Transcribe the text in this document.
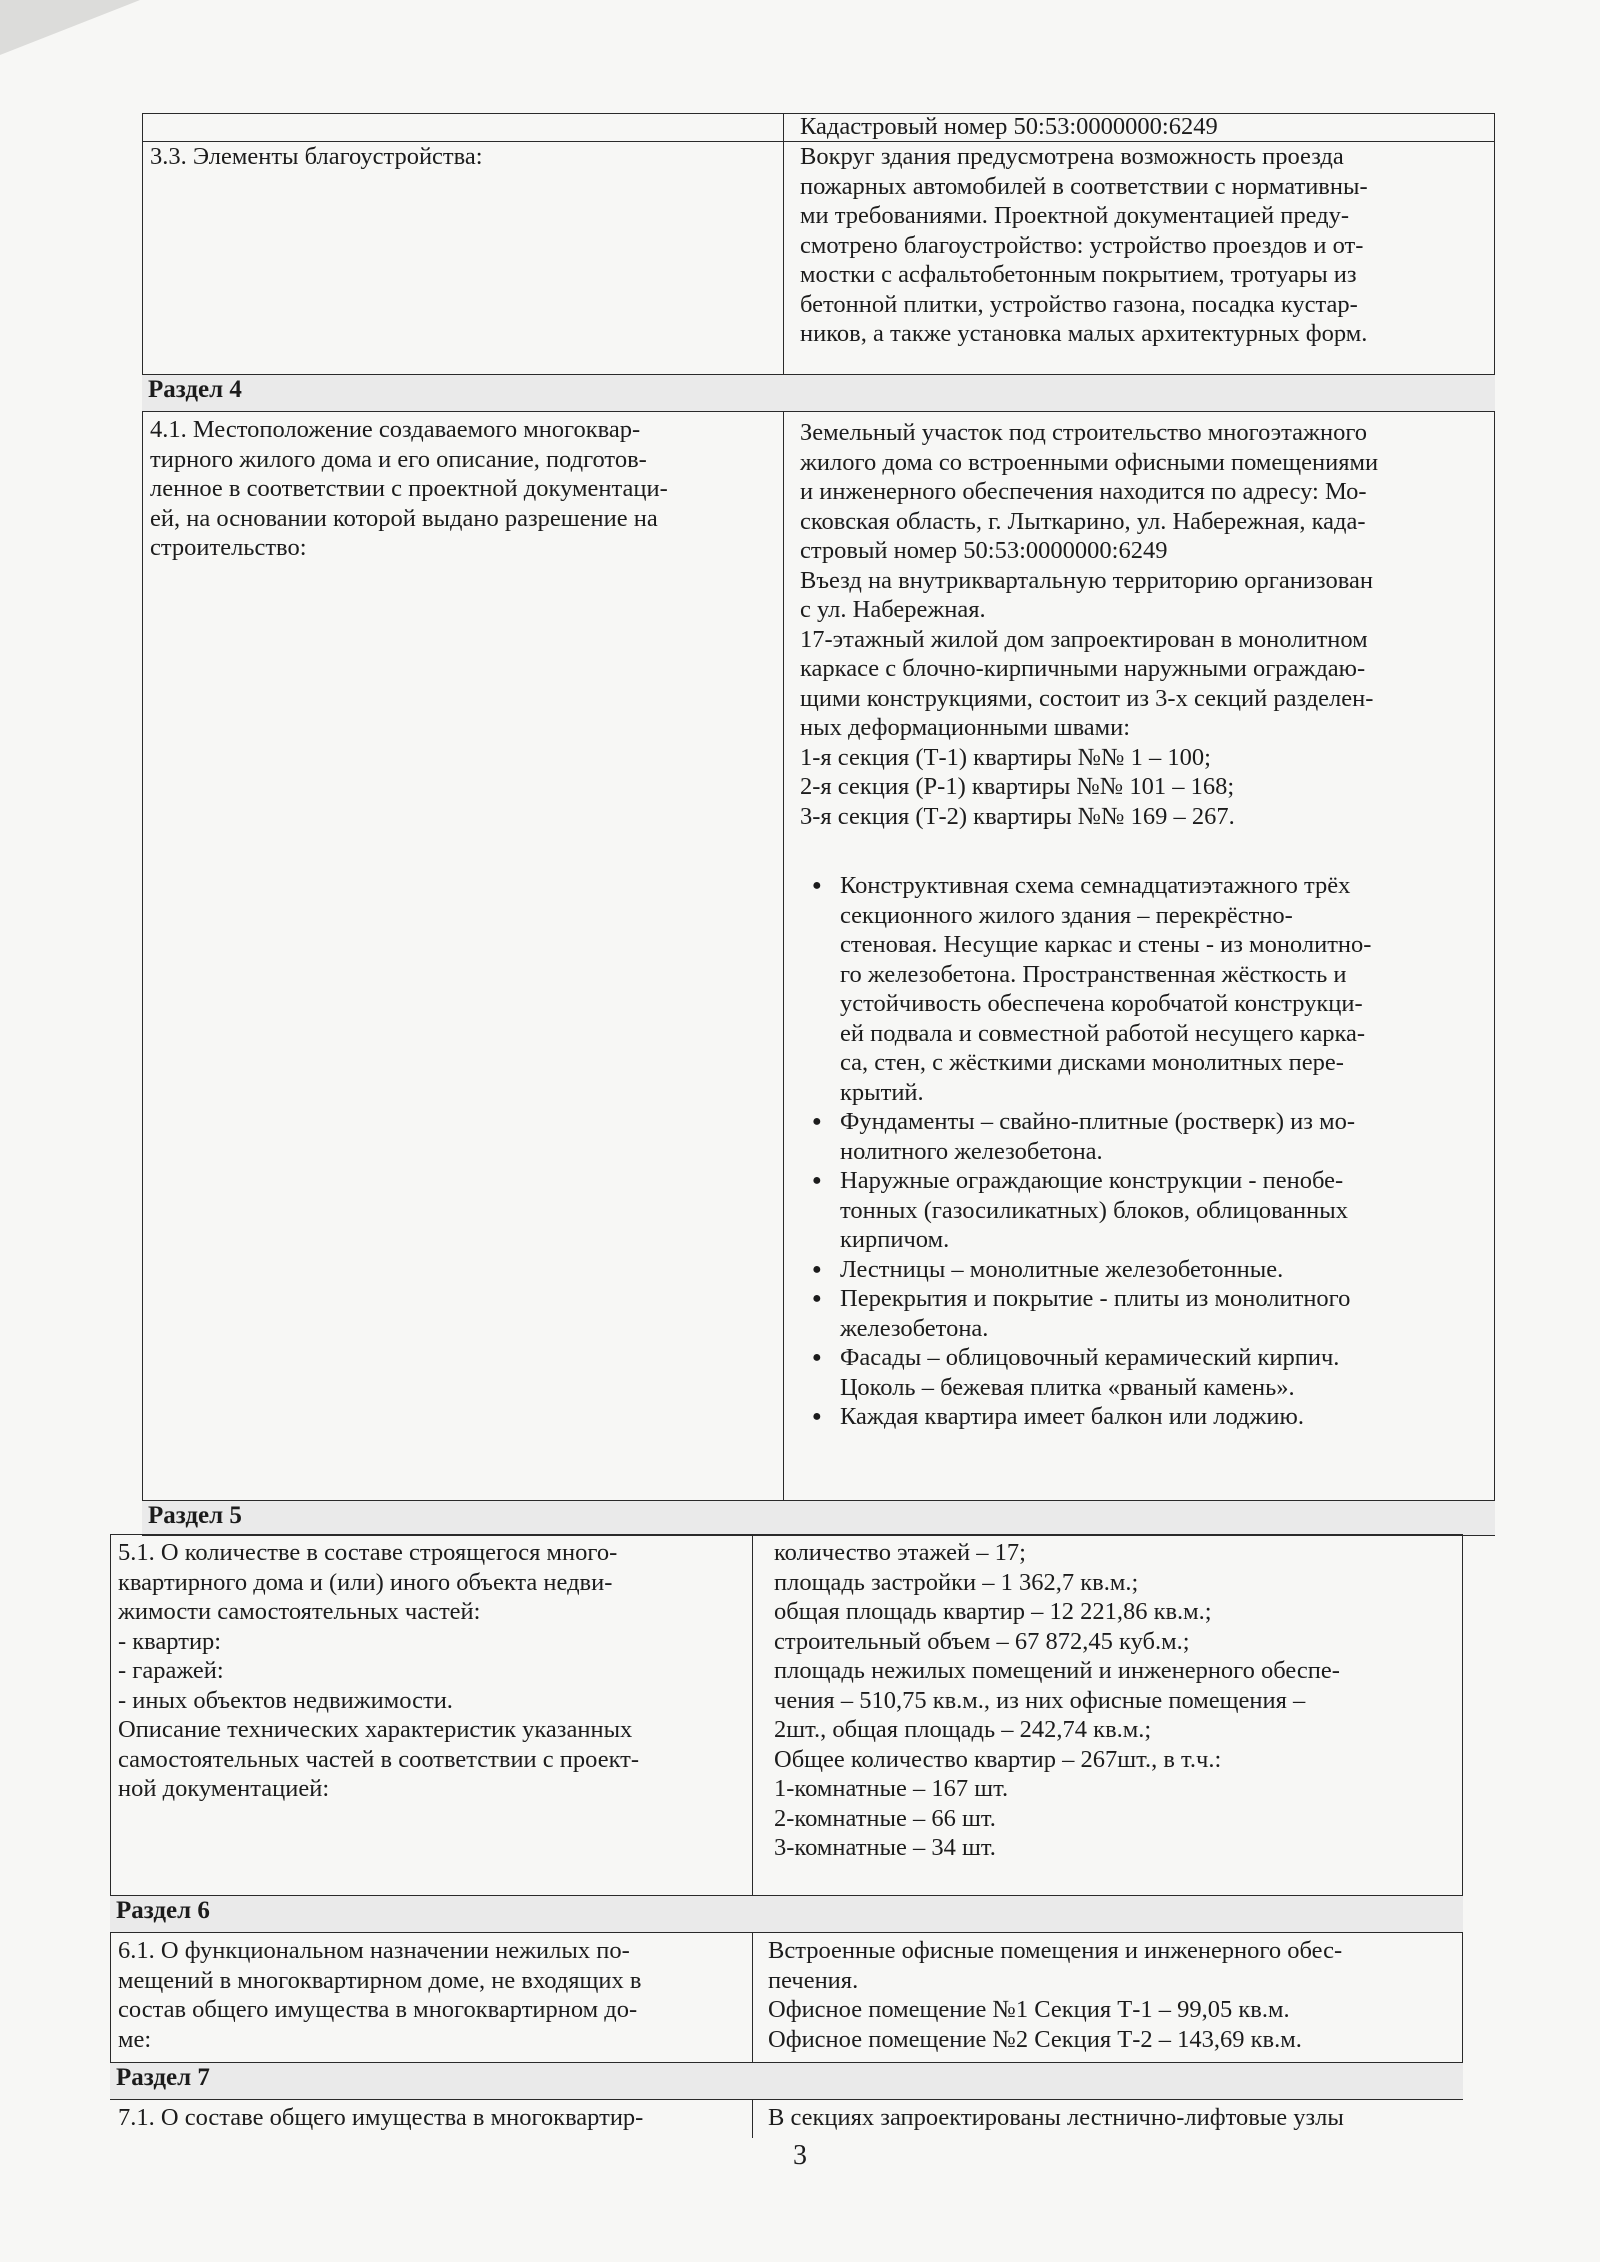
Кадастровый номер 50:53:0000000:6249
3.3. Элементы благоустройства:	Вокруг здания предусмотрена возможность проезда
пожарных автомобилей в соответствии с нормативны-
ми требованиями. Проектной документацией преду-
смотрено благоустройство: устройство проездов и от-
мостки с асфальтобетонным покрытием, тротуары из
бетонной плитки, устройство газона, посадка кустар-
ников, а также установка малых архитектурных форм.
Раздел 4
4.1. Местоположение создаваемого многоквар-
тирного жилого дома и его описание, подготов-
ленное в соответствии с проектной документаци-
ей, на основании которой выдано разрешение на
строительство:
Земельный участок под строительство многоэтажного
жилого дома со встроенными офисными помещениями
и инженерного обеспечения находится по адресу: Мо-
сковская область, г. Лыткарино, ул. Набережная, када-
стровый номер 50:53:0000000:6249
Въезд на внутриквартальную территорию организован
с ул. Набережная.
17-этажный жилой дом запроектирован в монолитном
каркасе с блочно-кирпичными наружными ограждаю-
щими конструкциями, состоит из 3-х секций разделен-
ных деформационными швами:
1-я секция (Т-1) квартиры №№ 1 – 100;
2-я секция (Р-1) квартиры №№ 101 – 168;
3-я секция (Т-2) квартиры №№ 169 – 267.
● Конструктивная схема семнадцатиэтажного трёх
секционного жилого здания – перекрёстно-
стеновая. Несущие каркас и стены - из монолитно-
го железобетона. Пространственная жёсткость и
устойчивость обеспечена коробчатой конструкци-
ей подвала и совместной работой несущего карка-
са, стен, с жёсткими дисками монолитных пере-
крытий.
● Фундаменты – свайно-плитные (ростверк) из мо-
нолитного железобетона.
● Наружные ограждающие конструкции - пенобе-
тонных (газосиликатных) блоков, облицованных
кирпичом.
● Лестницы – монолитные железобетонные.
● Перекрытия и покрытие - плиты из монолитного
железобетона.
● Фасады – облицовочный керамический кирпич.
Цоколь – бежевая плитка «рваный камень».
● Каждая квартира имеет балкон или лоджию.
Раздел 5
5.1. О количестве в составе строящегося много-
квартирного дома и (или) иного объекта недви-
жимости самостоятельных частей:
- квартир:
- гаражей:
- иных объектов недвижимости.
Описание технических характеристик указанных
самостоятельных частей в соответствии с проект-
ной документацией:
количество этажей – 17;
площадь застройки – 1 362,7 кв.м.;
общая площадь квартир – 12 221,86 кв.м.;
строительный объем – 67 872,45 куб.м.;
площадь нежилых помещений и инженерного обеспе-
чения – 510,75 кв.м., из них офисные помещения –
2шт., общая площадь – 242,74 кв.м.;
Общее количество квартир – 267шт., в т.ч.:
1-комнатные – 167 шт.
2-комнатные – 66 шт.
3-комнатные – 34 шт.
Раздел 6
6.1. О функциональном назначении нежилых по-
мещений в многоквартирном доме, не входящих в
состав общего имущества в многоквартирном до-
ме:
Встроенные офисные помещения и инженерного обес-
печения.
Офисное помещение №1 Секция Т-1 – 99,05 кв.м.
Офисное помещение №2 Секция Т-2 – 143,69 кв.м.
Раздел 7
7.1. О составе общего имущества в многоквартир-	В секциях запроектированы лестнично-лифтовые узлы
3
